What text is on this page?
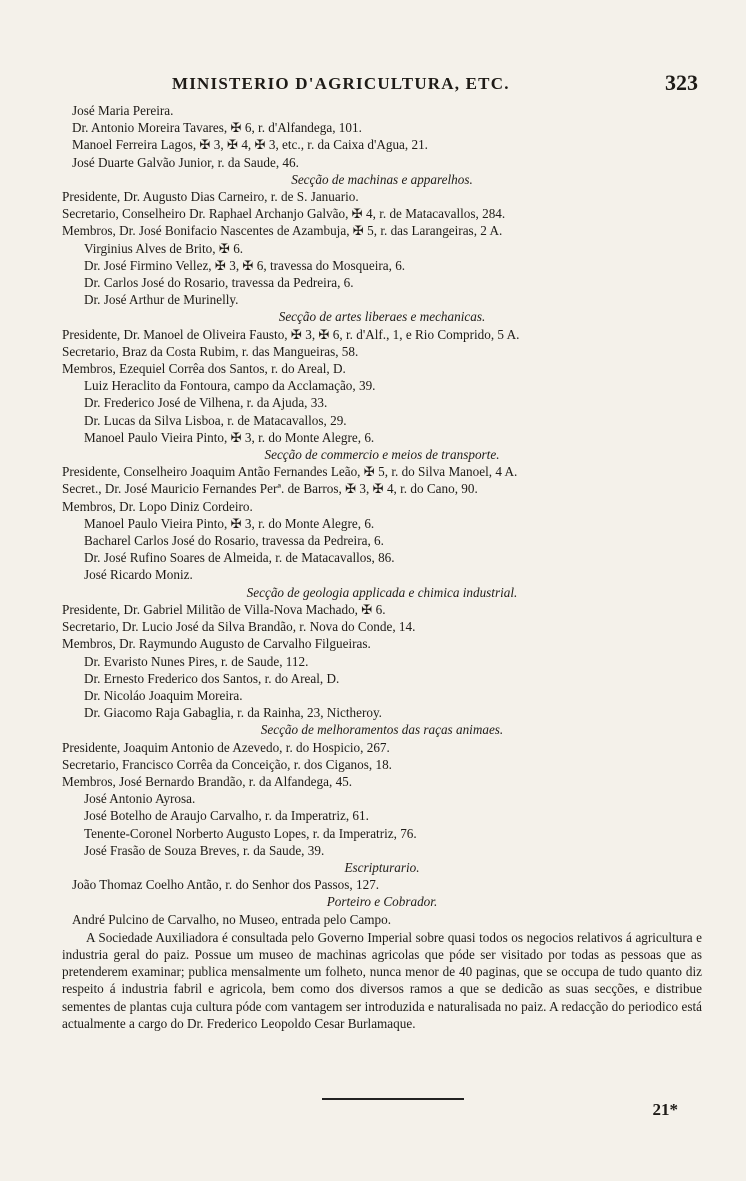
MINISTERIO D'AGRICULTURA, ETC.	323
José Maria Pereira.
Dr. Antonio Moreira Tavares, ✠ 6, r. d'Alfandega, 101.
Manoel Ferreira Lagos, ✠ 3, ✠ 4, ✠ 3, etc., r. da Caixa d'Agua, 21.
José Duarte Galvão Junior, r. da Saude, 46.
Secção de machinas e apparelhos.
Presidente, Dr. Augusto Dias Carneiro, r. de S. Januario.
Secretario, Conselheiro Dr. Raphael Archanjo Galvão, ✠ 4, r. de Matacavallos, 284.
Membros, Dr. José Bonifacio Nascentes de Azambuja, ✠ 5, r. das Larangeiras, 2 A.
Virginius Alves de Brito, ✠ 6.
Dr. José Firmino Vellez, ✠ 3, ✠ 6, travessa do Mosqueira, 6.
Dr. Carlos José do Rosario, travessa da Pedreira, 6.
Dr. José Arthur de Murinelly.
Secção de artes liberaes e mechanicas.
Presidente, Dr. Manoel de Oliveira Fausto, ✠ 3, ✠ 6, r. d'Alf., 1, e Rio Comprido, 5 A.
Secretario, Braz da Costa Rubim, r. das Mangueiras, 58.
Membros, Ezequiel Corrêa dos Santos, r. do Areal, D.
Luiz Heraclito da Fontoura, campo da Acclamação, 39.
Dr. Frederico José de Vilhena, r. da Ajuda, 33.
Dr. Lucas da Silva Lisboa, r. de Matacavallos, 29.
Manoel Paulo Vieira Pinto, ✠ 3, r. do Monte Alegre, 6.
Secção de commercio e meios de transporte.
Presidente, Conselheiro Joaquim Antão Fernandes Leão, ✠ 5, r. do Silva Manoel, 4 A.
Secret., Dr. José Mauricio Fernandes Perª. de Barros, ✠ 3, ✠ 4, r. do Cano, 90.
Membros, Dr. Lopo Diniz Cordeiro.
Manoel Paulo Vieira Pinto, ✠ 3, r. do Monte Alegre, 6.
Bacharel Carlos José do Rosario, travessa da Pedreira, 6.
Dr. José Rufino Soares de Almeida, r. de Matacavallos, 86.
José Ricardo Moniz.
Secção de geologia applicada e chimica industrial.
Presidente, Dr. Gabriel Militão de Villa-Nova Machado, ✠ 6.
Secretario, Dr. Lucio José da Silva Brandão, r. Nova do Conde, 14.
Membros, Dr. Raymundo Augusto de Carvalho Filgueiras.
Dr. Evaristo Nunes Pires, r. de Saude, 112.
Dr. Ernesto Frederico dos Santos, r. do Areal, D.
Dr. Nicoláo Joaquim Moreira.
Dr. Giacomo Raja Gabaglia, r. da Rainha, 23, Nictheroy.
Secção de melhoramentos das raças animaes.
Presidente, Joaquim Antonio de Azevedo, r. do Hospicio, 267.
Secretario, Francisco Corrêa da Conceição, r. dos Ciganos, 18.
Membros, José Bernardo Brandão, r. da Alfandega, 45.
José Antonio Ayrosa.
José Botelho de Araujo Carvalho, r. da Imperatriz, 61.
Tenente-Coronel Norberto Augusto Lopes, r. da Imperatriz, 76.
José Frasão de Souza Breves, r. da Saude, 39.
Escripturario.
João Thomaz Coelho Antão, r. do Senhor dos Passos, 127.
Porteiro e Cobrador.
André Pulcino de Carvalho, no Museo, entrada pelo Campo.
A Sociedade Auxiliadora é consultada pelo Governo Imperial sobre quasi todos os negocios relativos á agricultura e industria geral do paiz. Possue um museo de machinas agricolas que póde ser visitado por todas as pessoas que as pretenderem examinar; publica mensalmente um folheto, nunca menor de 40 paginas, que se occupa de tudo quanto diz respeito á industria fabril e agricola, bem como dos diversos ramos a que se dedicão as suas secções, e distribue sementes de plantas cuja cultura póde com vantagem ser introduzida e naturalisada no paiz. A redacção do periodico está actualmente a cargo do Dr. Frederico Leopoldo Cesar Burlamaque.
21*
